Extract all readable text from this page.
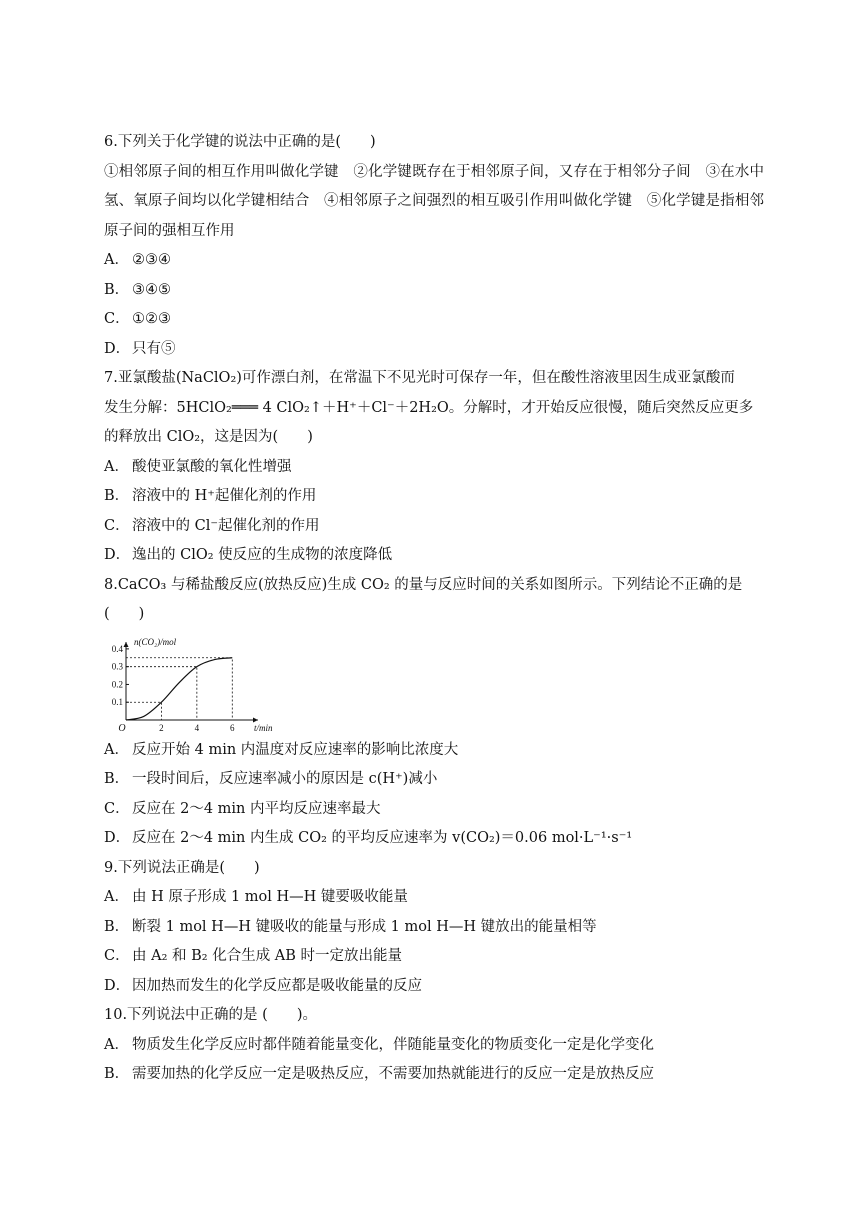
6.下列关于化学键的说法中正确的是(　　)
①相邻原子间的相互作用叫做化学键　②化学键既存在于相邻原子间，又存在于相邻分子间　③在水中氢、氧原子间均以化学键相结合　④相邻原子之间强烈的相互吸引作用叫做化学键　⑤化学键是指相邻原子间的强相互作用
A． ②③④
B． ③④⑤
C． ①②③
D． 只有⑤
7.亚氯酸盐(NaClO₂)可作漂白剂，在常温下不见光时可保存一年，但在酸性溶液里因生成亚氯酸而
发生分解：5HClO₂═══ 4 ClO₂↑＋H⁺＋Cl⁻＋2H₂O。分解时，才开始反应很慢，随后突然反应更多
的释放出 ClO₂，这是因为(　　)
A． 酸使亚氯酸的氧化性增强
B． 溶液中的 H⁺起催化剂的作用
C． 溶液中的 Cl⁻起催化剂的作用
D． 逸出的 ClO₂ 使反应的生成物的浓度降低
8.CaCO₃ 与稀盐酸反应(放热反应)生成 CO₂ 的量与反应时间的关系如图所示。下列结论不正确的是
(　　)
n(CO₂)/mol
t/min
O
0.1
0.2
0.3
0.4
2	4	6
A． 反应开始 4 min 内温度对反应速率的影响比浓度大
B． 一段时间后，反应速率减小的原因是 c(H⁺)减小
C． 反应在 2～4 min 内平均反应速率最大
D． 反应在 2～4 min 内生成 CO₂ 的平均反应速率为 v(CO₂)＝0.06 mol·L⁻¹·s⁻¹
9.下列说法正确是(　　)
A． 由 H 原子形成 1 mol H—H 键要吸收能量
B． 断裂 1 mol H—H 键吸收的能量与形成 1 mol H—H 键放出的能量相等
C． 由 A₂ 和 B₂ 化合生成 AB 时一定放出能量
D． 因加热而发生的化学反应都是吸收能量的反应
10.下列说法中正确的是 (　　)。
A． 物质发生化学反应时都伴随着能量变化，伴随能量变化的物质变化一定是化学变化
B． 需要加热的化学反应一定是吸热反应，不需要加热就能进行的反应一定是放热反应
